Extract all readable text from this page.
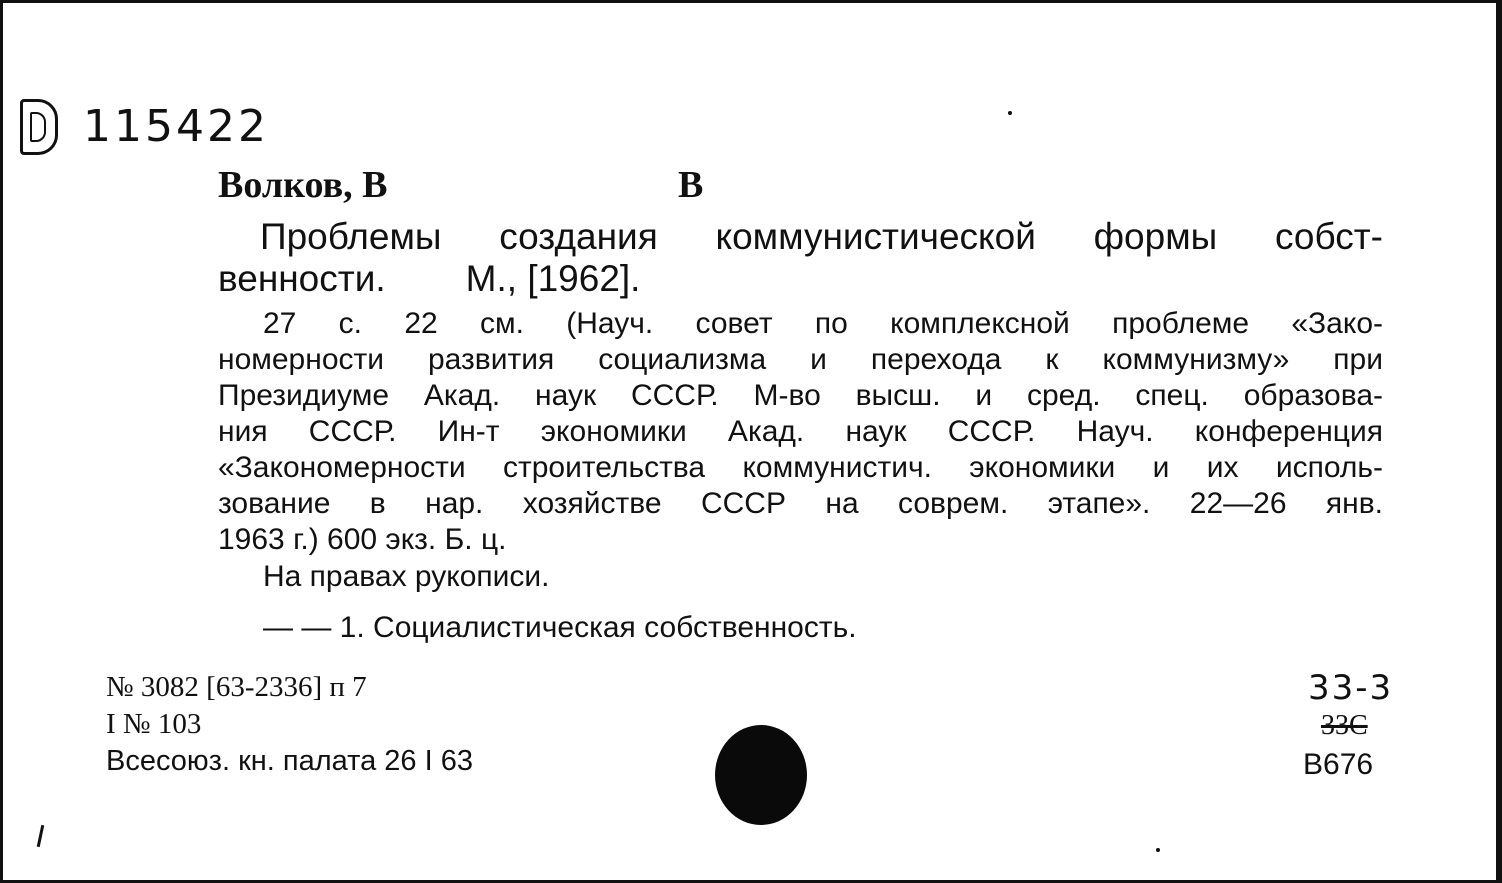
115422
Волков, В	В
Проблемы создания коммунистической формы собст-
венности. М., [1962].
27 с. 22 см. (Науч. совет по комплексной проблеме «Зако-
номерности развития социализма и перехода к коммунизму» при
Президиуме Акад. наук СССР. М-во высш. и сред. спец. образова-
ния СССР. Ин-т экономики Акад. наук СССР. Науч. конференция
«Закономерности строительства коммунистич. экономики и их исполь-
зование в нар. хозяйстве СССР на соврем. этапе». 22—26 янв.
1963 г.) 600 экз. Б. ц.
На правах рукописи.
— — 1. Социалистическая собственность.
№ 3082 [63-2336] п 7
I № 103
Всесоюз. кн. палата 26 I 63
33-3
33С
В676
